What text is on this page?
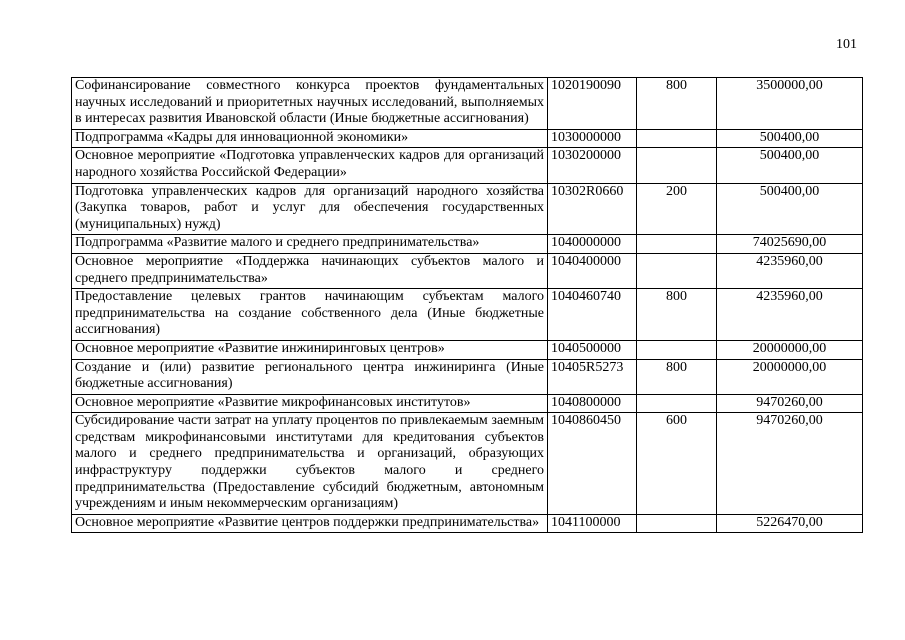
101
Софинансирование совместного конкурса проектов фундаментальных научных исследований и приоритетных научных исследований, выполняемых в интересах развития Ивановской области (Иные бюджетные ассигнования)	1020190090	800	3500000,00
Подпрограмма «Кадры для инновационной экономики»	1030000000		500400,00
Основное мероприятие «Подготовка управленческих кадров для организаций народного хозяйства Российской Федерации»	1030200000		500400,00
Подготовка управленческих кадров для организаций народного хозяйства (Закупка товаров, работ и услуг для обеспечения государственных (муниципальных) нужд)	10302R0660	200	500400,00
Подпрограмма «Развитие малого и среднего предпринимательства»	1040000000		74025690,00
Основное мероприятие «Поддержка начинающих субъектов малого и среднего предпринимательства»	1040400000		4235960,00
Предоставление целевых грантов начинающим субъектам малого предпринимательства на создание собственного дела (Иные бюджетные ассигнования)	1040460740	800	4235960,00
Основное мероприятие «Развитие инжиниринговых центров»	1040500000		20000000,00
Создание и (или) развитие регионального центра инжиниринга (Иные бюджетные ассигнования)	10405R5273	800	20000000,00
Основное мероприятие «Развитие микрофинансовых институтов»	1040800000		9470260,00
Субсидирование части затрат на уплату процентов по привлекаемым заемным средствам микрофинансовыми институтами для кредитования субъектов малого и среднего предпринимательства и организаций, образующих инфраструктуру поддержки субъектов малого и среднего предпринимательства (Предоставление субсидий бюджетным, автономным учреждениям и иным некоммерческим организациям)	1040860450	600	9470260,00
Основное мероприятие «Развитие центров поддержки предпринимательства»	1041100000		5226470,00
